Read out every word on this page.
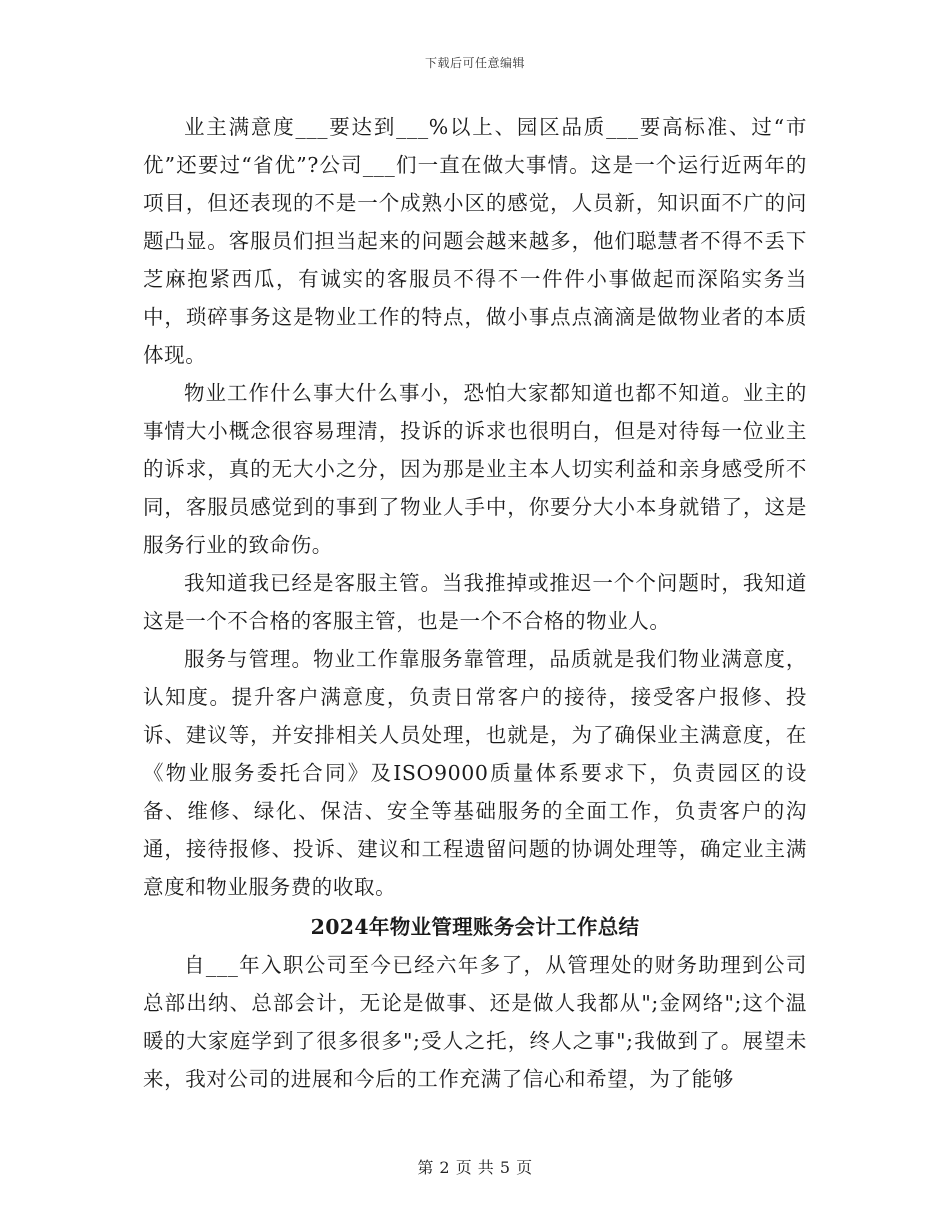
下载后可任意编辑

业主满意度___要达到___%以上、园区品质___要高标准、过“市优”还要过“省优”?公司___们一直在做大事情。这是一个运行近两年的项目，但还表现的不是一个成熟小区的感觉，人员新，知识面不广的问题凸显。客服员们担当起来的问题会越来越多，他们聪慧者不得不丢下芝麻抱紧西瓜，有诚实的客服员不得不一件件小事做起而深陷实务当中，琐碎事务这是物业工作的特点，做小事点点滴滴是做物业者的本质体现。

物业工作什么事大什么事小，恐怕大家都知道也都不知道。业主的事情大小概念很容易理清，投诉的诉求也很明白，但是对待每一位业主的诉求，真的无大小之分，因为那是业主本人切实利益和亲身感受所不同，客服员感觉到的事到了物业人手中，你要分大小本身就错了，这是服务行业的致命伤。

我知道我已经是客服主管。当我推掉或推迟一个个问题时，我知道这是一个不合格的客服主管，也是一个不合格的物业人。

服务与管理。物业工作靠服务靠管理，品质就是我们物业满意度，认知度。提升客户满意度，负责日常客户的接待，接受客户报修、投诉、建议等，并安排相关人员处理，也就是，为了确保业主满意度，在《物业服务委托合同》及ISO9000质量体系要求下，负责园区的设备、维修、绿化、保洁、安全等基础服务的全面工作，负责客户的沟通，接待报修、投诉、建议和工程遗留问题的协调处理等，确定业主满意度和物业服务费的收取。

2024年物业管理账务会计工作总结

自___年入职公司至今已经六年多了，从管理处的财务助理到公司总部出纳、总部会计，无论是做事、还是做人我都从";金网络";这个温暖的大家庭学到了很多很多";受人之托，终人之事";我做到了。展望未来，我对公司的进展和今后的工作充满了信心和希望，为了能够

第 2 页 共 5 页
